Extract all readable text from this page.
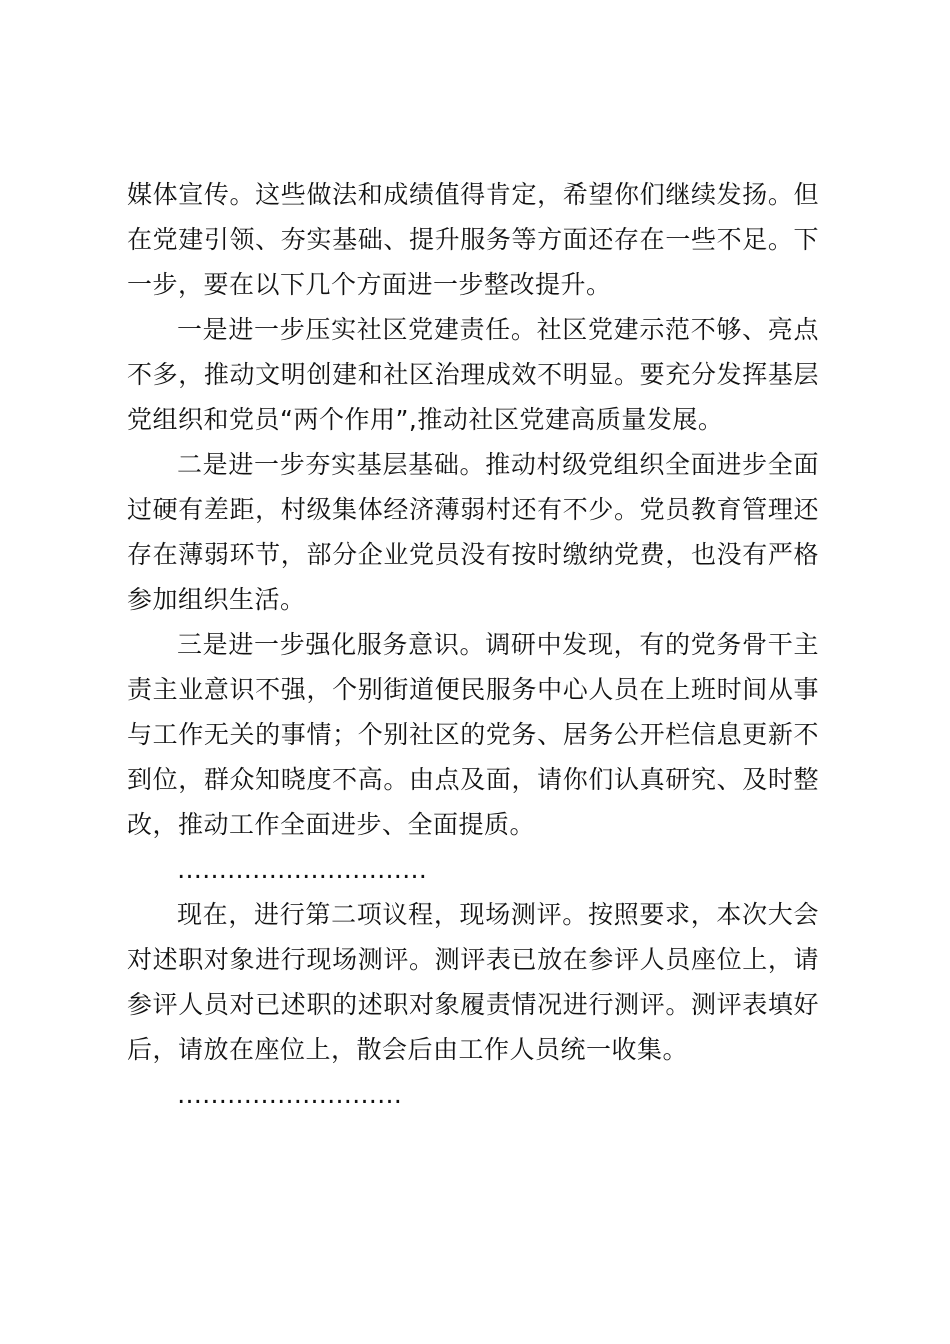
媒体宣传。这些做法和成绩值得肯定，希望你们继续发扬。但在党建引领、夯实基础、提升服务等方面还存在一些不足。下一步，要在以下几个方面进一步整改提升。

一是进一步压实社区党建责任。社区党建示范不够、亮点不多，推动文明创建和社区治理成效不明显。要充分发挥基层党组织和党员“两个作用”,推动社区党建高质量发展。

二是进一步夯实基层基础。推动村级党组织全面进步全面过硬有差距，村级集体经济薄弱村还有不少。党员教育管理还存在薄弱环节，部分企业党员没有按时缴纳党费，也没有严格参加组织生活。

三是进一步强化服务意识。调研中发现，有的党务骨干主责主业意识不强，个别街道便民服务中心人员在上班时间从事与工作无关的事情；个别社区的党务、居务公开栏信息更新不到位，群众知晓度不高。由点及面，请你们认真研究、及时整改，推动工作全面进步、全面提质。

…………………………

现在，进行第二项议程，现场测评。按照要求，本次大会对述职对象进行现场测评。测评表已放在参评人员座位上，请参评人员对已述职的述职对象履责情况进行测评。测评表填好后，请放在座位上，散会后由工作人员统一收集。

………………………
